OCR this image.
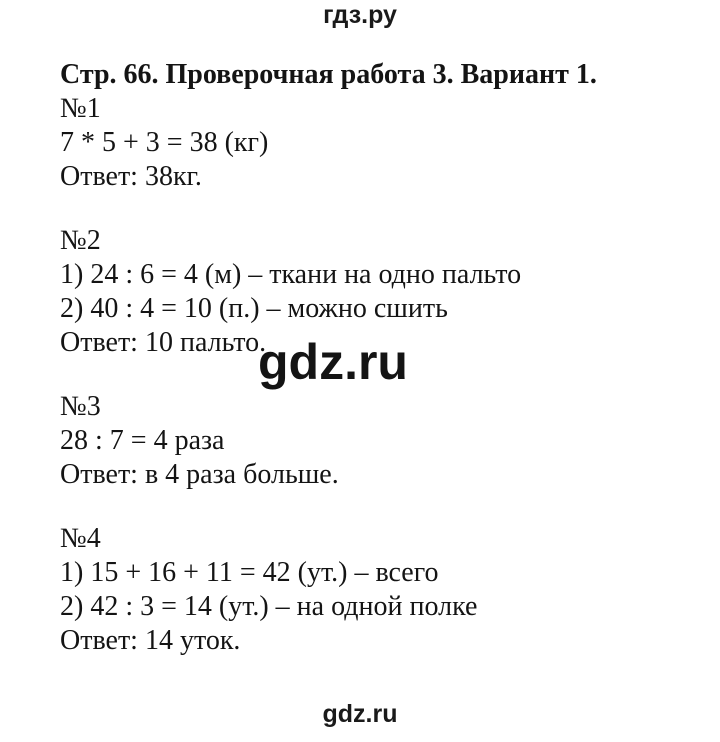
гдз.ру
Стр. 66. Проверочная работа 3. Вариант 1.
№1
7 * 5 + 3 = 38 (кг)
Ответ: 38кг.
№2
1) 24 : 6 = 4 (м) – ткани на одно пальто
2) 40 : 4 = 10 (п.) – можно сшить
Ответ: 10 пальто.
№3
28 : 7 = 4 раза
Ответ: в 4 раза больше.
№4
1) 15 + 16 + 11 = 42 (ут.) – всего
2) 42 : 3 = 14 (ут.) – на одной полке
Ответ: 14 уток.
gdz.ru
gdz.ru
